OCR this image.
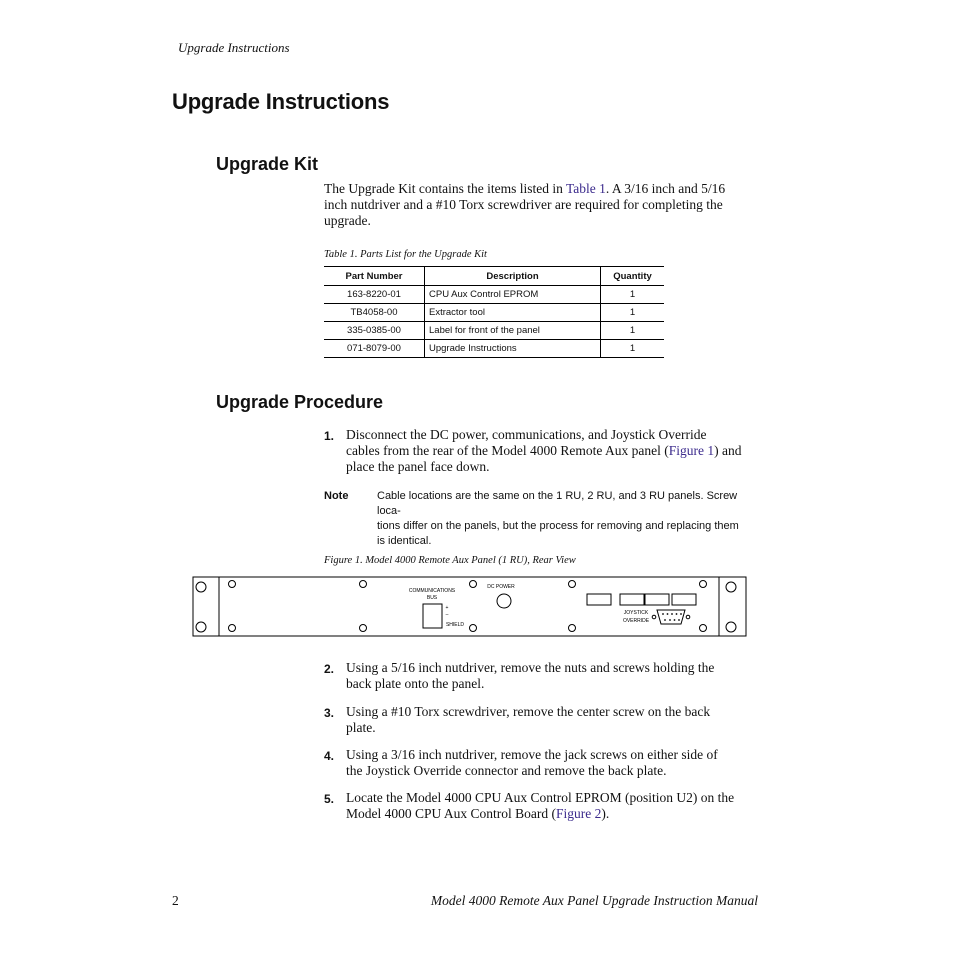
Upgrade Instructions
Upgrade Instructions
Upgrade Kit
The Upgrade Kit contains the items listed in Table 1. A 3/16 inch and 5/16
inch nutdriver and a #10 Torx screwdriver are required for completing the
upgrade.
Table 1. Parts List for the Upgrade Kit
Part Number	Description	Quantity
163-8220-01	CPU Aux Control EPROM	1
TB4058-00	Extractor tool	1
335-0385-00	Label for front of the panel	1
071-8079-00	Upgrade Instructions	1
Upgrade Procedure
1. Disconnect the DC power, communications, and Joystick Override
cables from the rear of the Model 4000 Remote Aux panel (Figure 1) and
place the panel face down.
Note	Cable locations are the same on the 1 RU, 2 RU, and 3 RU panels. Screw loca-
tions differ on the panels, but the process for removing and replacing them
is identical.
Figure 1. Model 4000 Remote Aux Panel (1 RU), Rear View
COMMUNICATIONS
BUS
+
–
SHIELD
DC POWER
JOYSTICK
OVERRIDE
2. Using a 5/16 inch nutdriver, remove the nuts and screws holding the
back plate onto the panel.
3. Using a #10 Torx screwdriver, remove the center screw on the back
plate.
4. Using a 3/16 inch nutdriver, remove the jack screws on either side of
the Joystick Override connector and remove the back plate.
5. Locate the Model 4000 CPU Aux Control EPROM (position U2) on the
Model 4000 CPU Aux Control Board (Figure 2).
2	Model 4000 Remote Aux Panel Upgrade Instruction Manual
